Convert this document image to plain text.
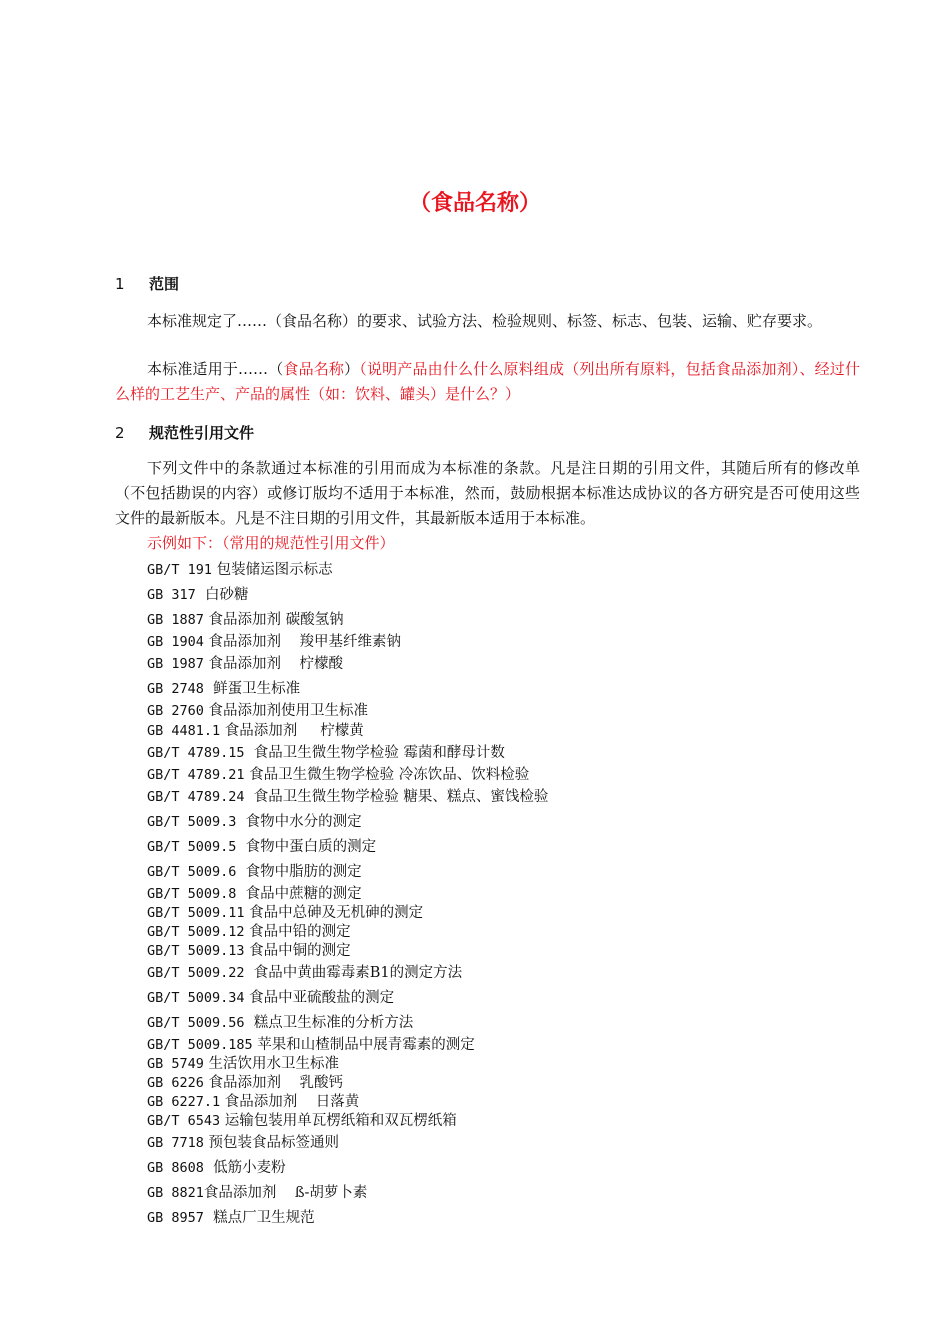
（食品名称）
1 范围
本标准规定了……（食品名称）的要求、试验方法、检验规则、标签、标志、包装、运输、贮存要求。
本标准适用于……（食品名称）（说明产品由什么什么原料组成（列出所有原料，包括食品添加剂）、经过什么样的工艺生产、产品的属性（如：饮料、罐头）是什么？）
2 规范性引用文件
下列文件中的条款通过本标准的引用而成为本标准的条款。凡是注日期的引用文件，其随后所有的修改单（不包括勘误的内容）或修订版均不适用于本标准，然而，鼓励根据本标准达成协议的各方研究是否可使用这些文件的最新版本。凡是不注日期的引用文件，其最新版本适用于本标准。
示例如下：（常用的规范性引用文件）
GB/T 191 包装储运图示标志
GB 317  白砂糖
GB 1887 食品添加剂 碳酸氢钠
GB 1904 食品添加剂    羧甲基纤维素钠
GB 1987 食品添加剂    柠檬酸
GB 2748  鲜蛋卫生标准
GB 2760 食品添加剂使用卫生标准
GB 4481.1 食品添加剂     柠檬黄
GB/T 4789.15  食品卫生微生物学检验 霉菌和酵母计数
GB/T 4789.21 食品卫生微生物学检验 冷冻饮品、饮料检验
GB/T 4789.24  食品卫生微生物学检验 糖果、糕点、蜜饯检验
GB/T 5009.3  食物中水分的测定
GB/T 5009.5  食物中蛋白质的测定
GB/T 5009.6  食物中脂肪的测定
GB/T 5009.8  食品中蔗糖的测定
GB/T 5009.11 食品中总砷及无机砷的测定
GB/T 5009.12 食品中铅的测定
GB/T 5009.13 食品中铜的测定
GB/T 5009.22  食品中黄曲霉毒素B1的测定方法
GB/T 5009.34 食品中亚硫酸盐的测定
GB/T 5009.56  糕点卫生标准的分析方法
GB/T 5009.185 苹果和山楂制品中展青霉素的测定
GB 5749 生活饮用水卫生标准
GB 6226 食品添加剂    乳酸钙
GB 6227.1 食品添加剂    日落黄
GB/T 6543 运输包装用单瓦楞纸箱和双瓦楞纸箱
GB 7718 预包装食品标签通则
GB 8608  低筋小麦粉
GB 8821食品添加剂    ß-胡萝卜素
GB 8957  糕点厂卫生规范
